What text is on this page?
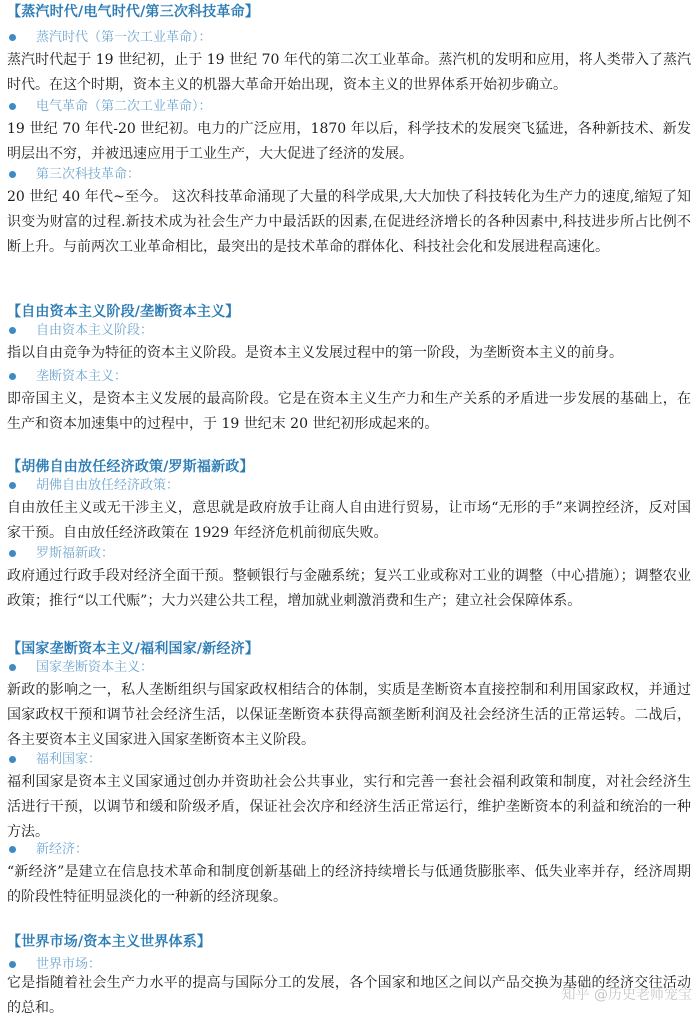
【蒸汽时代/电气时代/第三次科技革命】
蒸汽时代（第一次工业革命）：
蒸汽时代起于 19 世纪初，止于 19 世纪 70 年代的第二次工业革命。蒸汽机的发明和应用，将人类带入了蒸汽时代。在这个时期，资本主义的机器大革命开始出现，资本主义的世界体系开始初步确立。
电气革命（第二次工业革命）：
19 世纪 70 年代-20 世纪初。电力的广泛应用，1870 年以后，科学技术的发展突飞猛进，各种新技术、新发明层出不穷，并被迅速应用于工业生产，大大促进了经济的发展。
第三次科技革命：
20 世纪 40 年代~至今。 这次科技革命涌现了大量的科学成果,大大加快了科技转化为生产力的速度,缩短了知识变为财富的过程.新技术成为社会生产力中最活跃的因素,在促进经济增长的各种因素中,科技进步所占比例不断上升。与前两次工业革命相比，最突出的是技术革命的群体化、科技社会化和发展进程高速化。
【自由资本主义阶段/垄断资本主义】
自由资本主义阶段：
指以自由竞争为特征的资本主义阶段。是资本主义发展过程中的第一阶段，为垄断资本主义的前身。
垄断资本主义：
即帝国主义，是资本主义发展的最高阶段。它是在资本主义生产力和生产关系的矛盾进一步发展的基础上，在生产和资本加速集中的过程中，于 19 世纪末 20 世纪初形成起来的。
【胡佛自由放任经济政策/罗斯福新政】
胡佛自由放任经济政策：
自由放任主义或无干涉主义，意思就是政府放手让商人自由进行贸易，让市场“无形的手”来调控经济，反对国家干预。自由放任经济政策在 1929 年经济危机前彻底失败。
罗斯福新政：
政府通过行政手段对经济全面干预。整顿银行与金融系统；复兴工业或称对工业的调整（中心措施）；调整农业政策；推行“以工代赈”；大力兴建公共工程，增加就业刺激消费和生产；建立社会保障体系。
【国家垄断资本主义/福利国家/新经济】
国家垄断资本主义：
新政的影响之一，私人垄断组织与国家政权相结合的体制，实质是垄断资本直接控制和利用国家政权，并通过国家政权干预和调节社会经济生活，以保证垄断资本获得高额垄断利润及社会经济生活的正常运转。二战后，各主要资本主义国家进入国家垄断资本主义阶段。
福利国家：
福利国家是资本主义国家通过创办并资助社会公共事业，实行和完善一套社会福利政策和制度，对社会经济生活进行干预，以调节和缓和阶级矛盾，保证社会次序和经济生活正常运行，维护垄断资本的利益和统治的一种方法。
新经济：
“新经济”是建立在信息技术革命和制度创新基础上的经济持续增长与低通货膨胀率、低失业率并存，经济周期的阶段性特征明显淡化的一种新的经济现象。
【世界市场/资本主义世界体系】
世界市场：
它是指随着社会生产力水平的提高与国际分工的发展，各个国家和地区之间以产品交换为基础的经济交往活动的总和。
知乎 @历史老师宠宝
